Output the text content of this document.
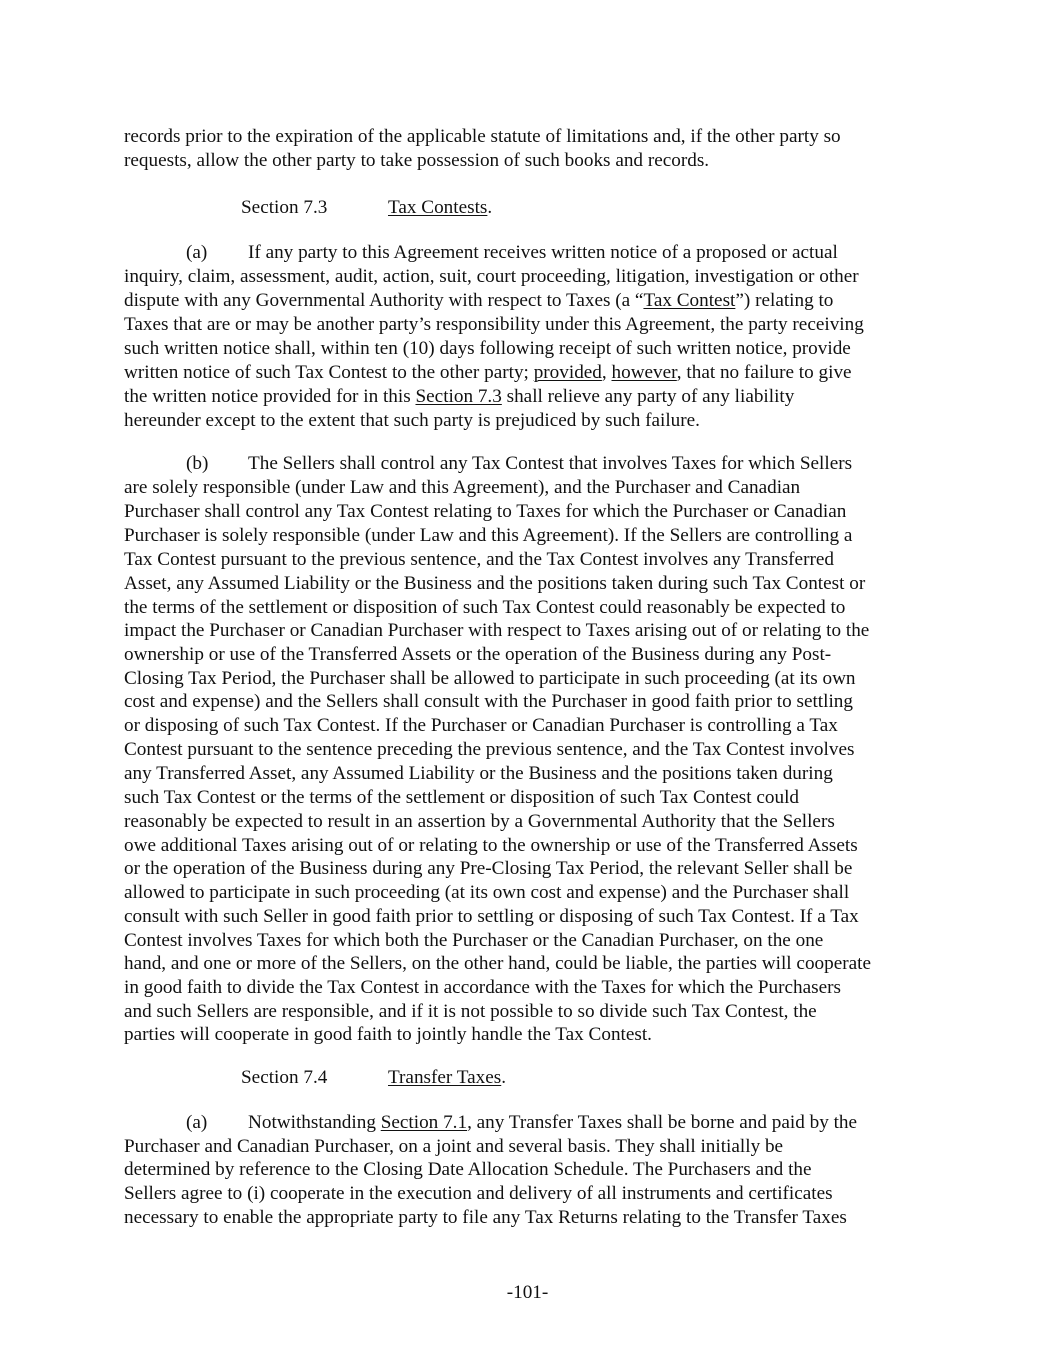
records prior to the expiration of the applicable statute of limitations and, if the other party so
requests, allow the other party to take possession of such books and records.
Section 7.3	Tax Contests.
(a) If any party to this Agreement receives written notice of a proposed or actual
inquiry, claim, assessment, audit, action, suit, court proceeding, litigation, investigation or other
dispute with any Governmental Authority with respect to Taxes (a “Tax Contest”) relating to
Taxes that are or may be another party’s responsibility under this Agreement, the party receiving
such written notice shall, within ten (10) days following receipt of such written notice, provide
written notice of such Tax Contest to the other party; provided, however, that no failure to give
the written notice provided for in this Section 7.3 shall relieve any party of any liability
hereunder except to the extent that such party is prejudiced by such failure.
(b) The Sellers shall control any Tax Contest that involves Taxes for which Sellers
are solely responsible (under Law and this Agreement), and the Purchaser and Canadian
Purchaser shall control any Tax Contest relating to Taxes for which the Purchaser or Canadian
Purchaser is solely responsible (under Law and this Agreement). If the Sellers are controlling a
Tax Contest pursuant to the previous sentence, and the Tax Contest involves any Transferred
Asset, any Assumed Liability or the Business and the positions taken during such Tax Contest or
the terms of the settlement or disposition of such Tax Contest could reasonably be expected to
impact the Purchaser or Canadian Purchaser with respect to Taxes arising out of or relating to the
ownership or use of the Transferred Assets or the operation of the Business during any Post-
Closing Tax Period, the Purchaser shall be allowed to participate in such proceeding (at its own
cost and expense) and the Sellers shall consult with the Purchaser in good faith prior to settling
or disposing of such Tax Contest. If the Purchaser or Canadian Purchaser is controlling a Tax
Contest pursuant to the sentence preceding the previous sentence, and the Tax Contest involves
any Transferred Asset, any Assumed Liability or the Business and the positions taken during
such Tax Contest or the terms of the settlement or disposition of such Tax Contest could
reasonably be expected to result in an assertion by a Governmental Authority that the Sellers
owe additional Taxes arising out of or relating to the ownership or use of the Transferred Assets
or the operation of the Business during any Pre-Closing Tax Period, the relevant Seller shall be
allowed to participate in such proceeding (at its own cost and expense) and the Purchaser shall
consult with such Seller in good faith prior to settling or disposing of such Tax Contest. If a Tax
Contest involves Taxes for which both the Purchaser or the Canadian Purchaser, on the one
hand, and one or more of the Sellers, on the other hand, could be liable, the parties will cooperate
in good faith to divide the Tax Contest in accordance with the Taxes for which the Purchasers
and such Sellers are responsible, and if it is not possible to so divide such Tax Contest, the
parties will cooperate in good faith to jointly handle the Tax Contest.
Section 7.4	Transfer Taxes.
(a) Notwithstanding Section 7.1, any Transfer Taxes shall be borne and paid by the
Purchaser and Canadian Purchaser, on a joint and several basis. They shall initially be
determined by reference to the Closing Date Allocation Schedule. The Purchasers and the
Sellers agree to (i) cooperate in the execution and delivery of all instruments and certificates
necessary to enable the appropriate party to file any Tax Returns relating to the Transfer Taxes
-101-
